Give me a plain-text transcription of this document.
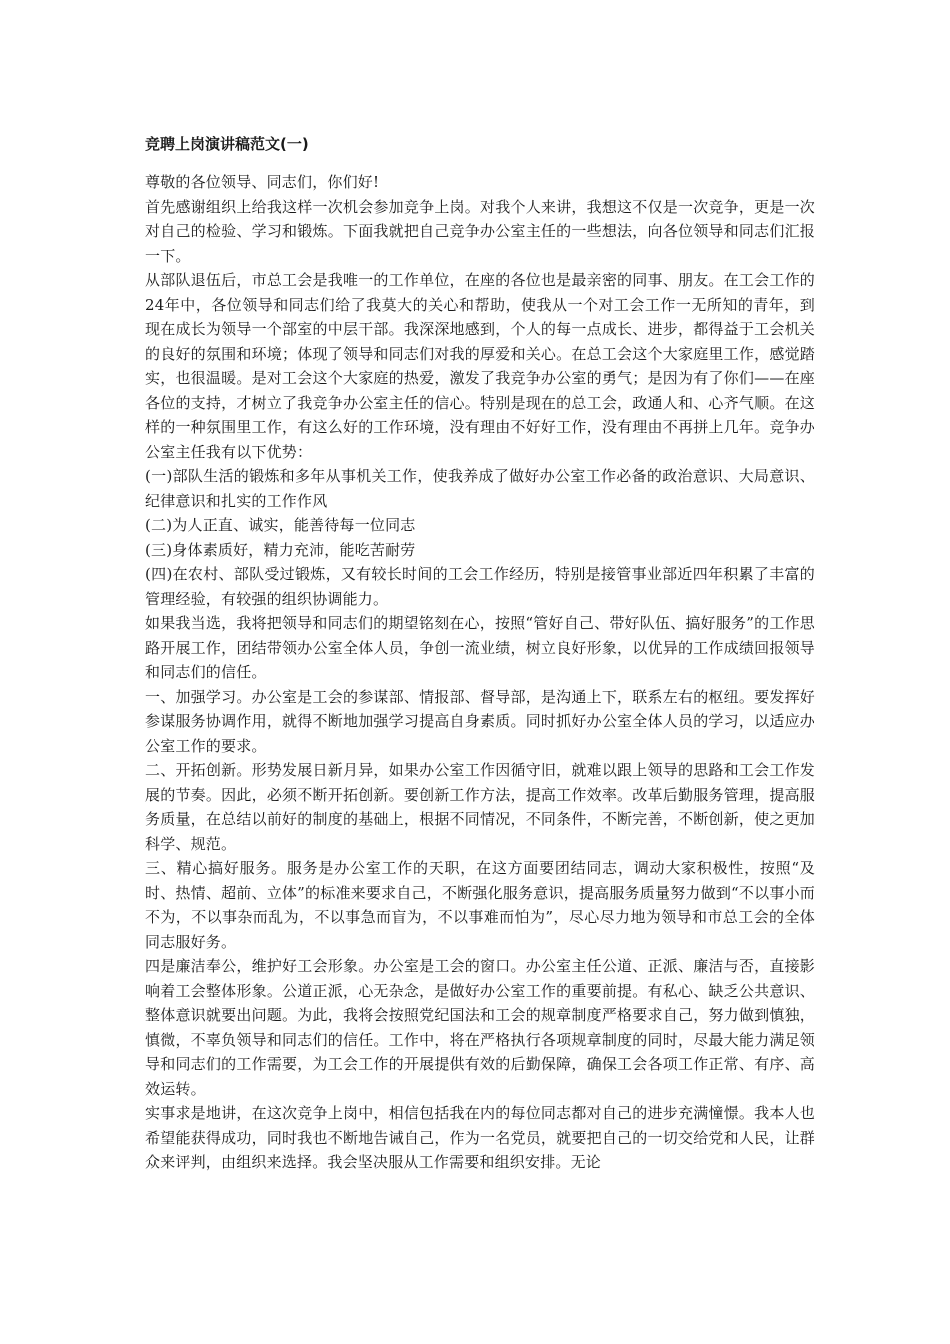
竞聘上岗演讲稿范文(一)

尊敬的各位领导、同志们，你们好!

首先感谢组织上给我这样一次机会参加竞争上岗。对我个人来讲，我想这不仅是一次竞争，更是一次对自己的检验、学习和锻炼。下面我就把自己竞争办公室主任的一些想法，向各位领导和同志们汇报一下。

从部队退伍后，市总工会是我唯一的工作单位，在座的各位也是最亲密的同事、朋友。在工会工作的24年中，各位领导和同志们给了我莫大的关心和帮助，使我从一个对工会工作一无所知的青年，到现在成长为领导一个部室的中层干部。我深深地感到，个人的每一点成长、进步，都得益于工会机关的良好的氛围和环境；体现了领导和同志们对我的厚爱和关心。在总工会这个大家庭里工作，感觉踏实，也很温暖。是对工会这个大家庭的热爱，激发了我竞争办公室的勇气；是因为有了你们——在座各位的支持，才树立了我竞争办公室主任的信心。特别是现在的总工会，政通人和、心齐气顺。在这样的一种氛围里工作，有这么好的工作环境，没有理由不好好工作，没有理由不再拼上几年。竞争办公室主任我有以下优势：

(一)部队生活的锻炼和多年从事机关工作，使我养成了做好办公室工作必备的政治意识、大局意识、纪律意识和扎实的工作作风

(二)为人正直、诚实，能善待每一位同志

(三)身体素质好，精力充沛，能吃苦耐劳

(四)在农村、部队受过锻炼，又有较长时间的工会工作经历，特别是接管事业部近四年积累了丰富的管理经验，有较强的组织协调能力。

如果我当选，我将把领导和同志们的期望铭刻在心，按照“管好自己、带好队伍、搞好服务”的工作思路开展工作，团结带领办公室全体人员，争创一流业绩，树立良好形象，以优异的工作成绩回报领导和同志们的信任。

一、加强学习。办公室是工会的参谋部、情报部、督导部，是沟通上下，联系左右的枢纽。要发挥好参谋服务协调作用，就得不断地加强学习提高自身素质。同时抓好办公室全体人员的学习，以适应办公室工作的要求。

二、开拓创新。形势发展日新月异，如果办公室工作因循守旧，就难以跟上领导的思路和工会工作发展的节奏。因此，必须不断开拓创新。要创新工作方法，提高工作效率。改革后勤服务管理，提高服务质量，在总结以前好的制度的基础上，根据不同情况，不同条件，不断完善，不断创新，使之更加科学、规范。

三、精心搞好服务。服务是办公室工作的天职，在这方面要团结同志，调动大家积极性，按照“及时、热情、超前、立体”的标准来要求自己，不断强化服务意识，提高服务质量努力做到“不以事小而不为，不以事杂而乱为，不以事急而盲为，不以事难而怕为”，尽心尽力地为领导和市总工会的全体同志服好务。

四是廉洁奉公，维护好工会形象。办公室是工会的窗口。办公室主任公道、正派、廉洁与否，直接影响着工会整体形象。公道正派，心无杂念，是做好办公室工作的重要前提。有私心、缺乏公共意识、整体意识就要出问题。为此，我将会按照党纪国法和工会的规章制度严格要求自己，努力做到慎独，慎微，不辜负领导和同志们的信任。工作中，将在严格执行各项规章制度的同时，尽最大能力满足领导和同志们的工作需要，为工会工作的开展提供有效的后勤保障，确保工会各项工作正常、有序、高效运转。

实事求是地讲，在这次竞争上岗中，相信包括我在内的每位同志都对自己的进步充满憧憬。我本人也希望能获得成功，同时我也不断地告诫自己，作为一名党员，就要把自己的一切交给党和人民，让群众来评判，由组织来选择。我会坚决服从工作需要和组织安排。无论
